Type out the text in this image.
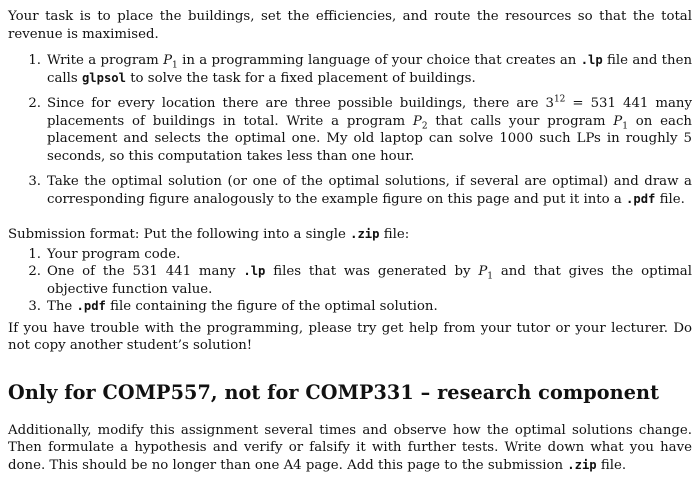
Your task is to place the buildings, set the efficiencies, and route the resources so that the total revenue is maximised.

1. Write a program $P_1$ in a programming language of your choice that creates an .lp file and then calls glpsol to solve the task for a fixed placement of buildings.
2. Since for every location there are three possible buildings, there are $3^{12} = 531$ 441 many placements of buildings in total. Write a program $P_2$ that calls your program $P_1$ on each placement and selects the optimal one. My old laptop can solve 1000 such LPs in roughly 5 seconds, so this computation takes less than one hour.
3. Take the optimal solution (or one of the optimal solutions, if several are optimal) and draw a corresponding figure analogously to the example figure on this page and put it into a .pdf file.

Submission format: Put the following into a single .zip file:

1. Your program code.
2. One of the 531 441 many .lp files that was generated by $P_1$ and that gives the optimal objective function value.
3. The .pdf file containing the figure of the optimal solution.

If you have trouble with the programming, please try get help from your tutor or your lecturer. Do not copy another student’s solution!

Only for COMP557, not for COMP331 – research component

Additionally, modify this assignment several times and observe how the optimal solutions change. Then formulate a hypothesis and verify or falsify it with further tests. Write down what you have done. This should be no longer than one A4 page. Add this page to the submission .zip file.
